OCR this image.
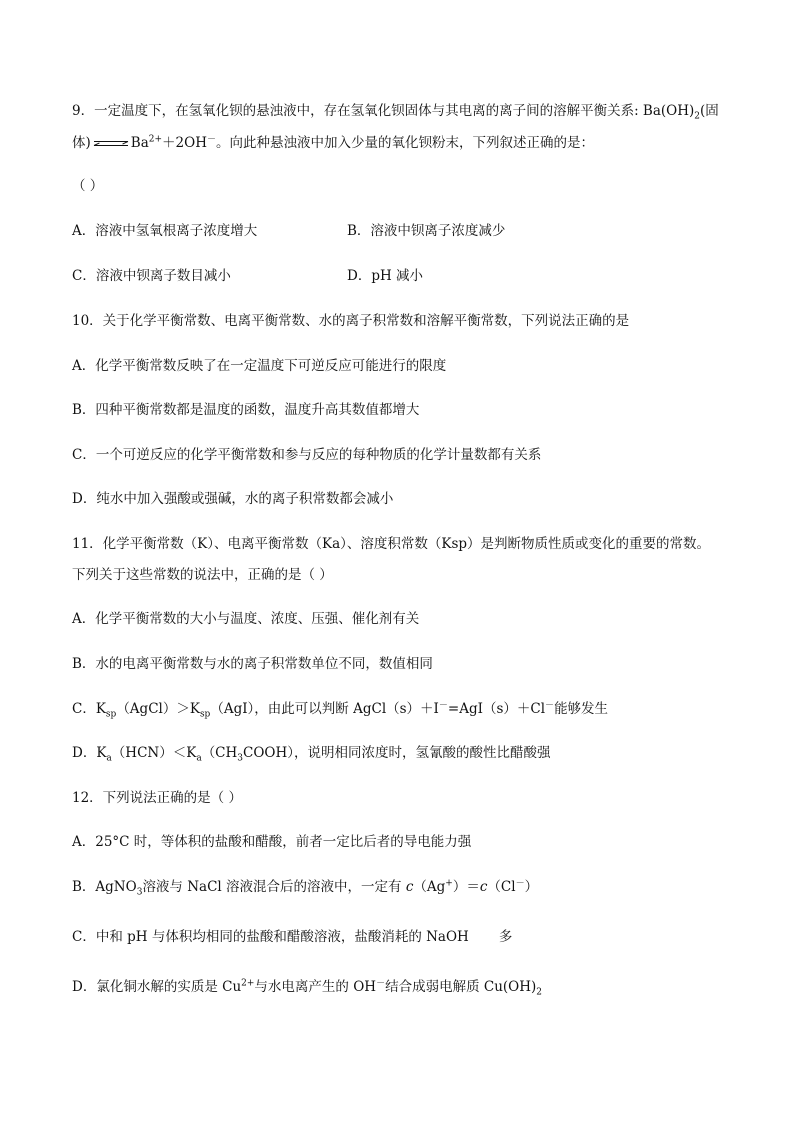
9．一定温度下，在氢氧化钡的悬浊液中，存在氢氧化钡固体与其电离的离子间的溶解平衡关系: $Ba(OH)_2$(固
体)	$Ba^{2+}+2OH^-$。向此种悬浊液中加入少量的氧化钡粉末，下列叙述正确的是：
（ ）
A．溶液中氢氧根离子浓度增大	B．溶液中钡离子浓度减少
C．溶液中钡离子数目减小	D．pH 减小
10．关于化学平衡常数、电离平衡常数、水的离子积常数和溶解平衡常数，下列说法正确的是
A．化学平衡常数反映了在一定温度下可逆反应可能进行的限度
B．四种平衡常数都是温度的函数，温度升高其数值都增大
C．一个可逆反应的化学平衡常数和参与反应的每种物质的化学计量数都有关系
D．纯水中加入强酸或强碱，水的离子积常数都会减小
11．化学平衡常数（K）、电离平衡常数（Ka）、溶度积常数（Ksp）是判断物质性质或变化的重要的常数。
下列关于这些常数的说法中，正确的是（ ）
A．化学平衡常数的大小与温度、浓度、压强、催化剂有关
B．水的电离平衡常数与水的离子积常数单位不同，数值相同
C．$K_{sp}(AgCl)>K_{sp}(AgI)$，由此可以判断 AgCl（s）＋I－=AgI（s）＋Cl－能够发生
D．$K_a(HCN)<K_a(CH_3COOH)$，说明相同浓度时，氢氰酸的酸性比醋酸强
12．下列说法正确的是（ ）
A．25°C 时，等体积的盐酸和醋酸，前者一定比后者的导电能力强
B．AgNO$_3$溶液与 NaCl 溶液混合后的溶液中，一定有 c（Ag+）＝c（Cl－）
C．中和 pH 与体积均相同的盐酸和醋酸溶液，盐酸消耗的 NaOH 多
D．氯化铜水解的实质是 $Cu^{2+}$与水电离产生的 OH－结合成弱电解质 $Cu(OH)_2$
